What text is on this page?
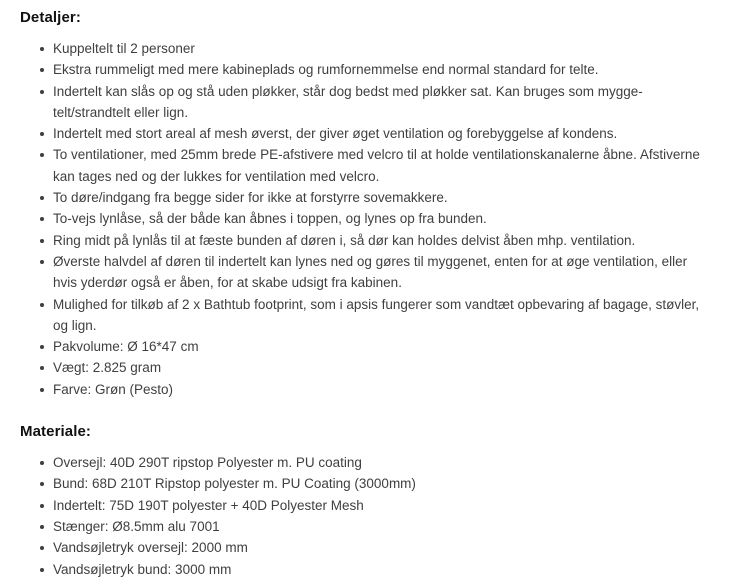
Detaljer:
Kuppeltelt til 2 personer
Ekstra rummeligt med mere kabineplads og rumfornemmelse end normal standard for telte.
Indertelt kan slås op og stå uden pløkker, står dog bedst med pløkker sat. Kan bruges som mygge-telt/strandtelt eller lign.
Indertelt med stort areal af mesh øverst, der giver øget ventilation og forebyggelse af kondens.
To ventilationer, med 25mm brede PE-afstivere med velcro til at holde ventilationskanalerne åbne. Afstiverne kan tages ned og der lukkes for ventilation med velcro.
To døre/indgang fra begge sider for ikke at forstyrre sovemakkere.
To-vejs lynlåse, så der både kan åbnes i toppen, og lynes op fra bunden.
Ring midt på lynlås til at fæste bunden af døren i, så dør kan holdes delvist åben mhp. ventilation.
Øverste halvdel af døren til indertelt kan lynes ned og gøres til myggenet, enten for at øge ventilation, eller hvis yderdør også er åben, for at skabe udsigt fra kabinen.
Mulighed for tilkøb af 2 x Bathtub footprint, som i apsis fungerer som vandtæt opbevaring af bagage, støvler, og lign.
Pakvolume: Ø 16*47 cm
Vægt: 2.825 gram
Farve: Grøn (Pesto)
Materiale:
Oversejl: 40D 290T ripstop Polyester m. PU coating
Bund: 68D 210T Ripstop polyester m. PU Coating (3000mm)
Indertelt: 75D 190T polyester + 40D Polyester Mesh
Stænger: Ø8.5mm alu 7001
Vandsøjletryk oversejl: 2000 mm
Vandsøjletryk bund: 3000 mm
